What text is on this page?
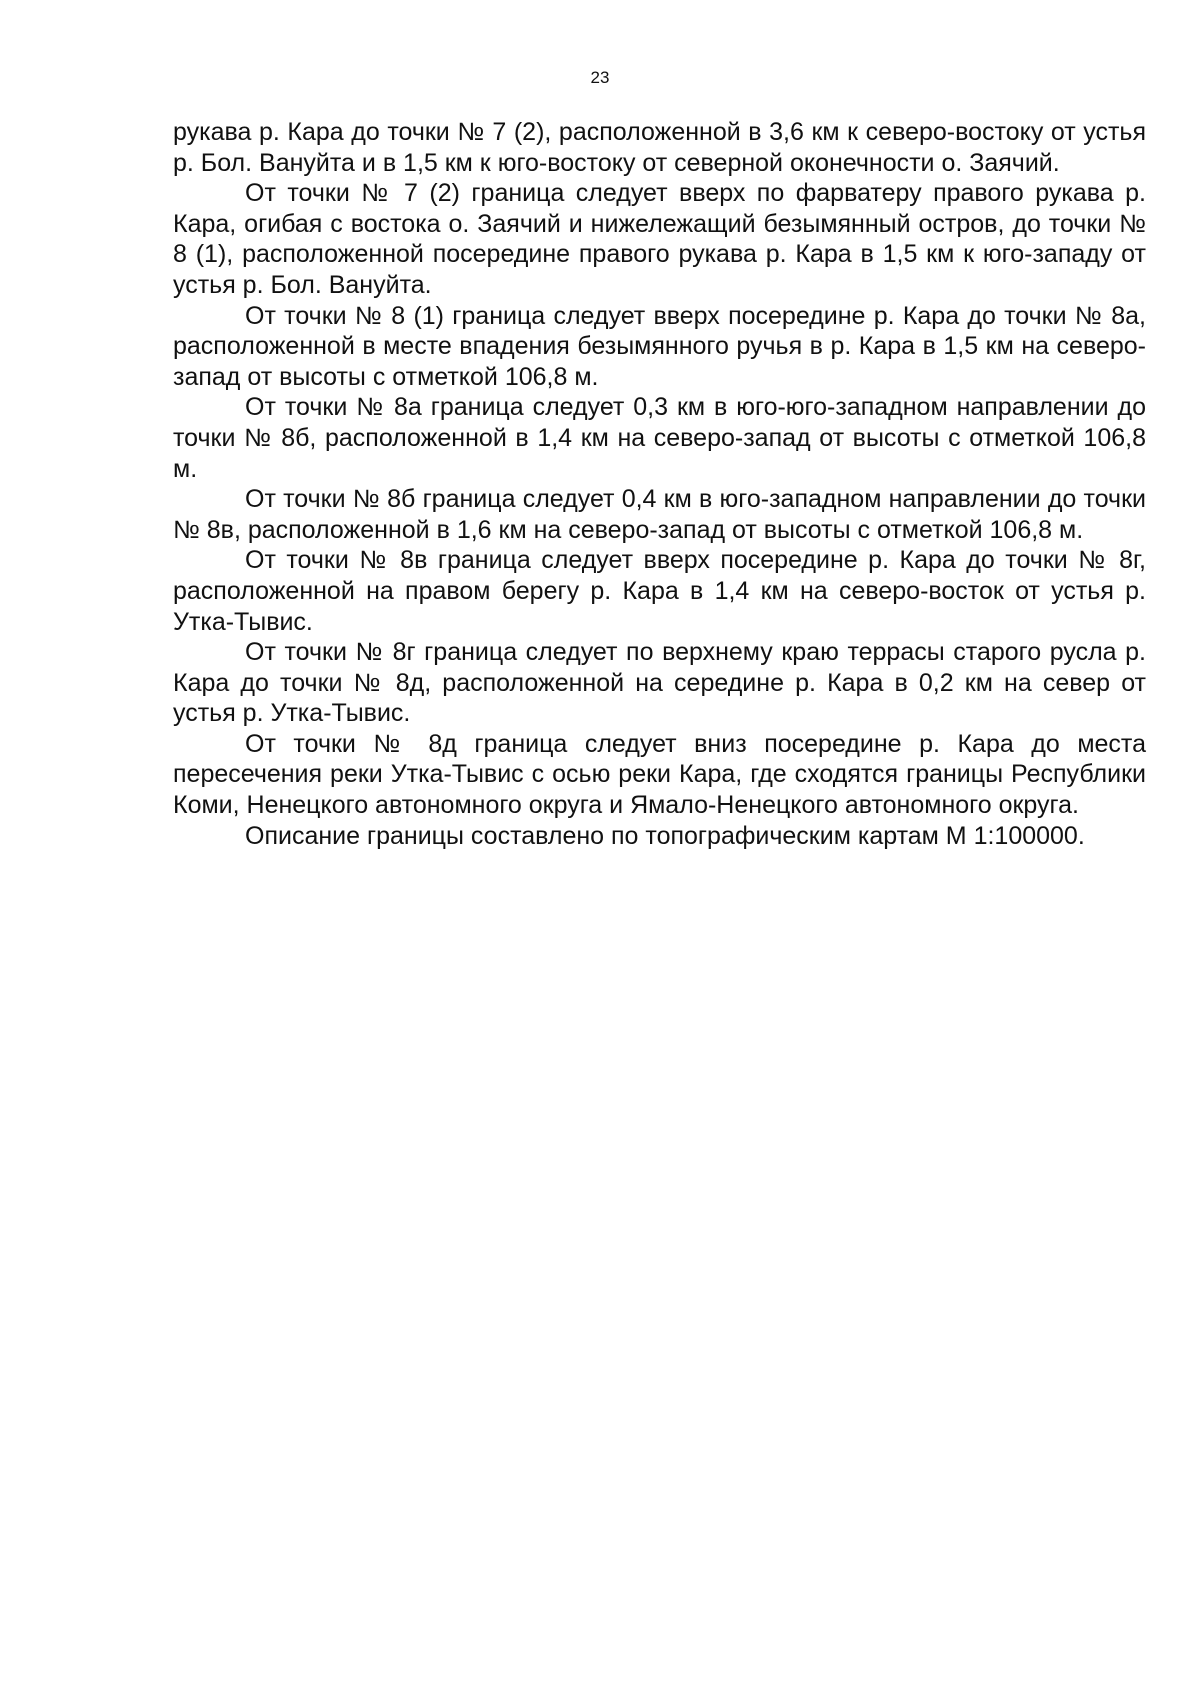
23

рукава р. Кара до точки № 7 (2), расположенной в 3,6 км к северо-востоку от устья р. Бол. Вануйта и в 1,5 км к юго-востоку от северной оконечности о. Заячий.

От точки № 7 (2) граница следует вверх по фарватеру правого рукава р. Кара, огибая с востока о. Заячий и нижележащий безымянный остров, до точки № 8 (1), расположенной посередине правого рукава р. Кара в 1,5 км к юго-западу от устья р. Бол. Вануйта.

От точки № 8 (1) граница следует вверх посередине р. Кара до точки № 8а, расположенной в месте впадения безымянного ручья в р. Кара в 1,5 км на северо-запад от высоты с отметкой 106,8 м.

От точки № 8а граница следует 0,3 км в юго-юго-западном направлении до точки № 8б, расположенной в 1,4 км на северо-запад от высоты с отметкой 106,8 м.

От точки № 8б граница следует 0,4 км в юго-западном направлении до точки № 8в, расположенной в 1,6 км на северо-запад от высоты с отметкой 106,8 м.

От точки № 8в граница следует вверх посередине р. Кара до точки № 8г, расположенной на правом берегу р. Кара в 1,4 км на северо-восток от устья р. Утка-Тывис.

От точки № 8г граница следует по верхнему краю террасы старого русла р. Кара до точки № 8д, расположенной на середине р. Кара в 0,2 км на север от устья р. Утка-Тывис.

От точки № 8д граница следует вниз посередине р. Кара до места пересечения реки Утка-Тывис с осью реки Кара, где сходятся границы Республики Коми, Ненецкого автономного округа и Ямало-Ненецкого автономного округа.

Описание границы составлено по топографическим картам М 1:100000.
